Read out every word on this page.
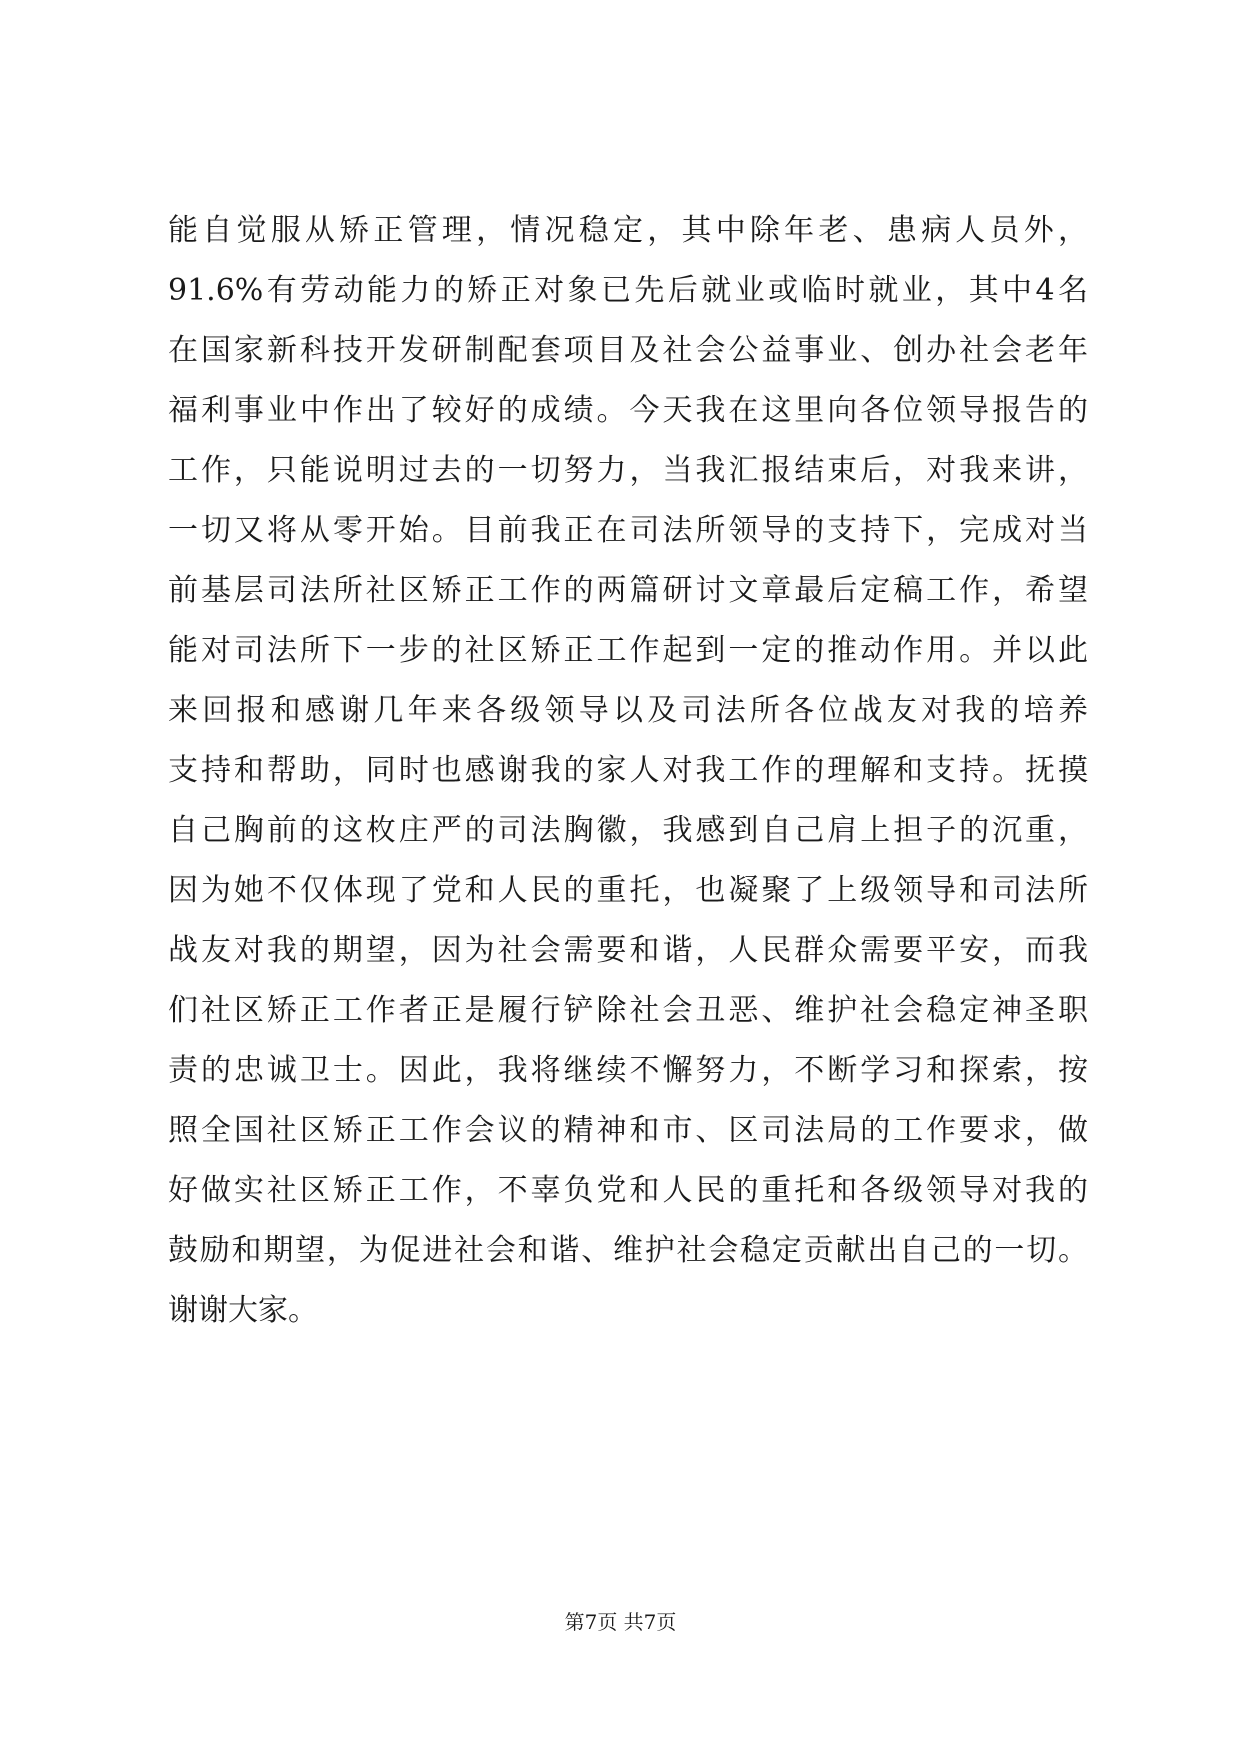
能自觉服从矫正管理，情况稳定，其中除年老、患病人员外，
91.6%有劳动能力的矫正对象已先后就业或临时就业，其中4名
在国家新科技开发研制配套项目及社会公益事业、创办社会老年
福利事业中作出了较好的成绩。今天我在这里向各位领导报告的
工作，只能说明过去的一切努力，当我汇报结束后，对我来讲，
一切又将从零开始。目前我正在司法所领导的支持下，完成对当
前基层司法所社区矫正工作的两篇研讨文章最后定稿工作，希望
能对司法所下一步的社区矫正工作起到一定的推动作用。并以此
来回报和感谢几年来各级领导以及司法所各位战友对我的培养
支持和帮助，同时也感谢我的家人对我工作的理解和支持。抚摸
自己胸前的这枚庄严的司法胸徽，我感到自己肩上担子的沉重，
因为她不仅体现了党和人民的重托，也凝聚了上级领导和司法所
战友对我的期望，因为社会需要和谐，人民群众需要平安，而我
们社区矫正工作者正是履行铲除社会丑恶、维护社会稳定神圣职
责的忠诚卫士。因此，我将继续不懈努力，不断学习和探索，按
照全国社区矫正工作会议的精神和市、区司法局的工作要求，做
好做实社区矫正工作，不辜负党和人民的重托和各级领导对我的
鼓励和期望，为促进社会和谐、维护社会稳定贡献出自己的一切。
谢谢大家。
第7页 共7页
